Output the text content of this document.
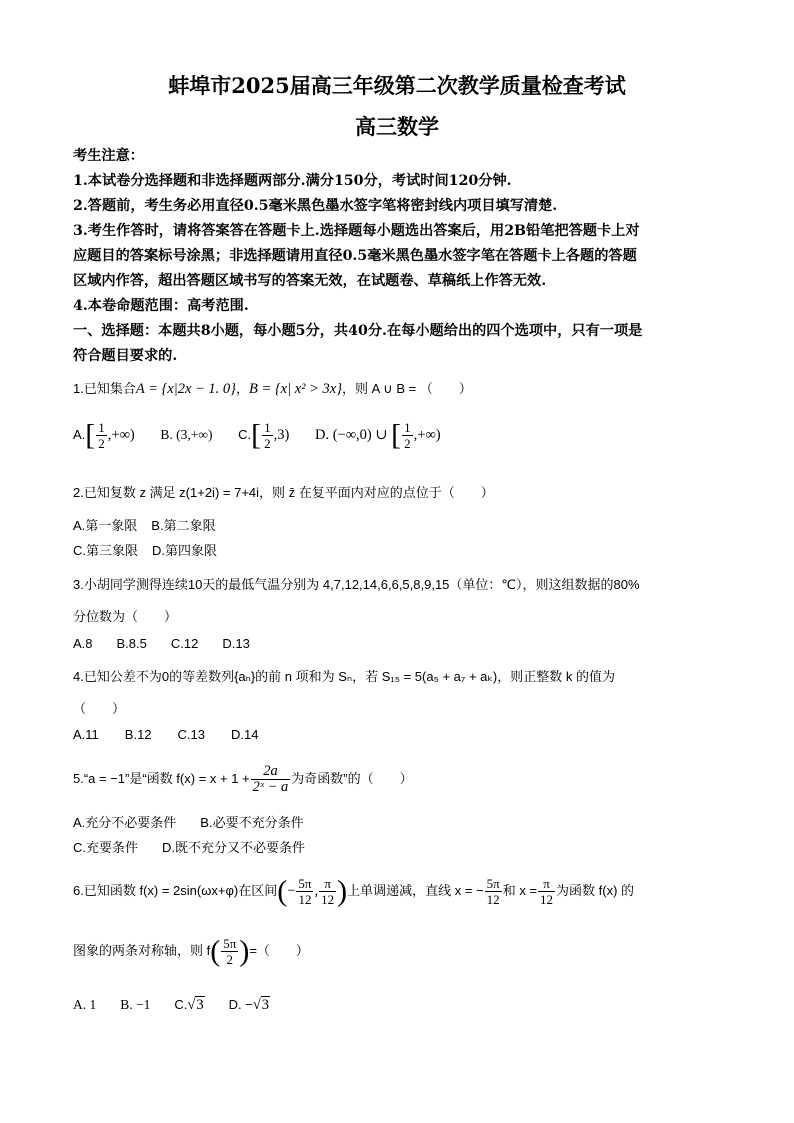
蚌埠市2025届高三年级第二次教学质量检查考试
高三数学
考生注意：
1.本试卷分选择题和非选择题两部分.满分150分，考试时间120分钟.
2.答题前，考生务必用直径0.5毫米黑色墨水签字笔将密封线内项目填写清楚.
3.考生作答时，请将答案答在答题卡上.选择题每小题选出答案后，用2B铅笔把答题卡上对
应题目的答案标号涂黑；非选择题请用直径0.5毫米黑色墨水签字笔在答题卡上各题的答题
区域内作答，超出答题区域书写的答案无效，在试题卷、草稿纸上作答无效.
4.本卷命题范围：高考范围.
一、选择题：本题共8小题，每小题5分，共40分.在每小题给出的四个选项中，只有一项是
符合题目要求的.
1.已知集合A = {x|2x − 1. 0}，B = {x| x² > 3x}，则 A ∪ B = （　　）
$A.[ \frac{1}{2}$ ,+∞) B. (3,+∞) $C.[ \frac{1}{2} ,3)$ D. (−∞,0) ∪ [ $\frac{1}{2}$ ,+∞)
2.已知复数 z 满足 z(1+2i) = 7+4i，则 z̄ 在复平面内对应的点位于（　　）
A.第一象限 B.第二象限
C.第三象限 D.第四象限
3.小胡同学测得连续10天的最低气温分别为 4,7,12,14,6,6,5,8,9,15（单位：℃），则这组数据的80%
分位数为（　　）
A.8 B.8.5 C.12 D.13
4.已知公差不为0的等差数列{aₙ}的前 n 项和为 Sₙ，若 S₁₅ = 5(a₅ + a₇ + aₖ)，则正整数 k 的值为
（　　）
A.11 B.12 C.13 D.14
5.“a = −1”是“函数 $f(x) = x + 1 + \frac{2a}{\text{2ˣ − a}}$ 为奇函数”的（　　）
A.充分不必要条件 B.必要不充分条件
C.充要条件 D.既不充分又不必要条件
6.已知函数 f(x) = 2sin(ωx+φ)在区间(− $\frac{5\pi}{12}$ , $\frac{\pi}{12}$ )上单调递减，直线 x = − $\frac{5\pi}{12}$ 和 $x = \frac{\pi}{12}$ 为函数 f(x) 的
图象的两条对称轴，则 $f( \frac{5\pi}{2}$ )=（　　）
A. 1 B. −1 C.√3 D. −√3
